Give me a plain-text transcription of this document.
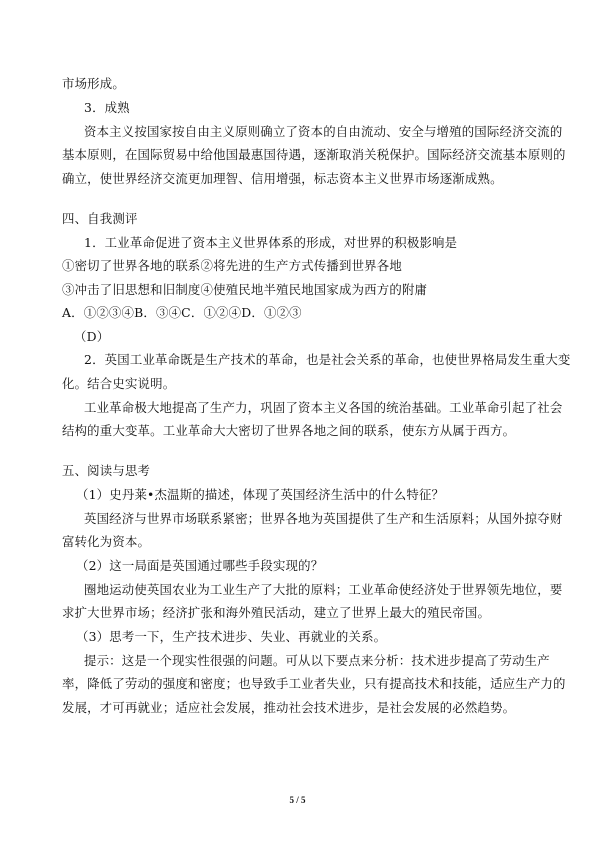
市场形成。
3．成熟
资本主义按国家按自由主义原则确立了资本的自由流动、安全与增殖的国际经济交流的
基本原则，在国际贸易中给他国最惠国待遇，逐渐取消关税保护。国际经济交流基本原则的
确立，使世界经济交流更加理智、信用增强，标志资本主义世界市场逐渐成熟。
四、自我测评
1．工业革命促进了资本主义世界体系的形成，对世界的积极影响是
①密切了世界各地的联系②将先进的生产方式传播到世界各地
③冲击了旧思想和旧制度④使殖民地半殖民地国家成为西方的附庸
A．①②③④B．③④C．①②④D．①②③
（D）
2．英国工业革命既是生产技术的革命，也是社会关系的革命，也使世界格局发生重大变
化。结合史实说明。
工业革命极大地提高了生产力，巩固了资本主义各国的统治基础。工业革命引起了社会
结构的重大变革。工业革命大大密切了世界各地之间的联系，使东方从属于西方。
五、阅读与思考
（1）史丹莱•杰温斯的描述，体现了英国经济生活中的什么特征？
英国经济与世界市场联系紧密；世界各地为英国提供了生产和生活原料；从国外掠夺财
富转化为资本。
（2）这一局面是英国通过哪些手段实现的？
圈地运动使英国农业为工业生产了大批的原料；工业革命使经济处于世界领先地位，要
求扩大世界市场；经济扩张和海外殖民活动，建立了世界上最大的殖民帝国。
（3）思考一下，生产技术进步、失业、再就业的关系。
提示：这是一个现实性很强的问题。可从以下要点来分析：技术进步提高了劳动生产
率，降低了劳动的强度和密度；也导致手工业者失业，只有提高技术和技能，适应生产力的
发展，才可再就业；适应社会发展，推动社会技术进步，是社会发展的必然趋势。
5 / 5
